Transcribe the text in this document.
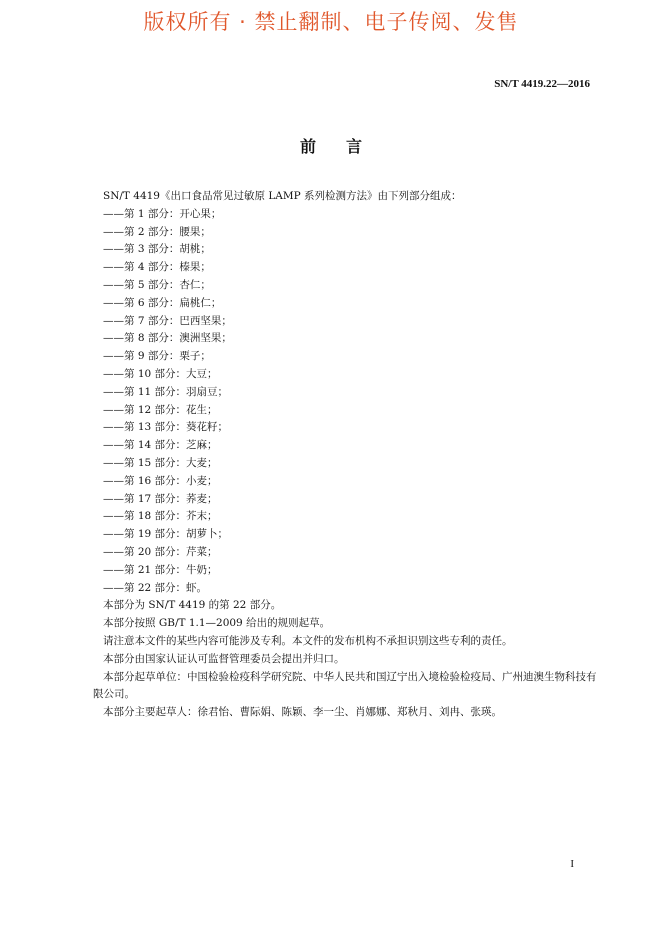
版权所有 · 禁止翻制、电子传阅、发售
SN/T 4419.22—2016
前言
SN/T 4419《出口食品常见过敏原 LAMP 系列检测方法》由下列部分组成：
——第 1 部分：开心果；
——第 2 部分：腰果；
——第 3 部分：胡桃；
——第 4 部分：榛果；
——第 5 部分：杏仁；
——第 6 部分：扁桃仁；
——第 7 部分：巴西坚果；
——第 8 部分：澳洲坚果；
——第 9 部分：栗子；
——第 10 部分：大豆；
——第 11 部分：羽扇豆；
——第 12 部分：花生；
——第 13 部分：葵花籽；
——第 14 部分：芝麻；
——第 15 部分：大麦；
——第 16 部分：小麦；
——第 17 部分：荞麦；
——第 18 部分：芥末；
——第 19 部分：胡萝卜；
——第 20 部分：芹菜；
——第 21 部分：牛奶；
——第 22 部分：虾。
本部分为 SN/T 4419 的第 22 部分。
本部分按照 GB/T 1.1—2009 给出的规则起草。
请注意本文件的某些内容可能涉及专利。本文件的发布机构不承担识别这些专利的责任。
本部分由国家认证认可监督管理委员会提出并归口。
本部分起草单位：中国检验检疫科学研究院、中华人民共和国辽宁出入境检验检疫局、广州迪澳生物科技有限公司。
本部分主要起草人：徐君怡、曹际娟、陈颖、李一尘、肖娜娜、郑秋月、刘冉、张瑛。
I
